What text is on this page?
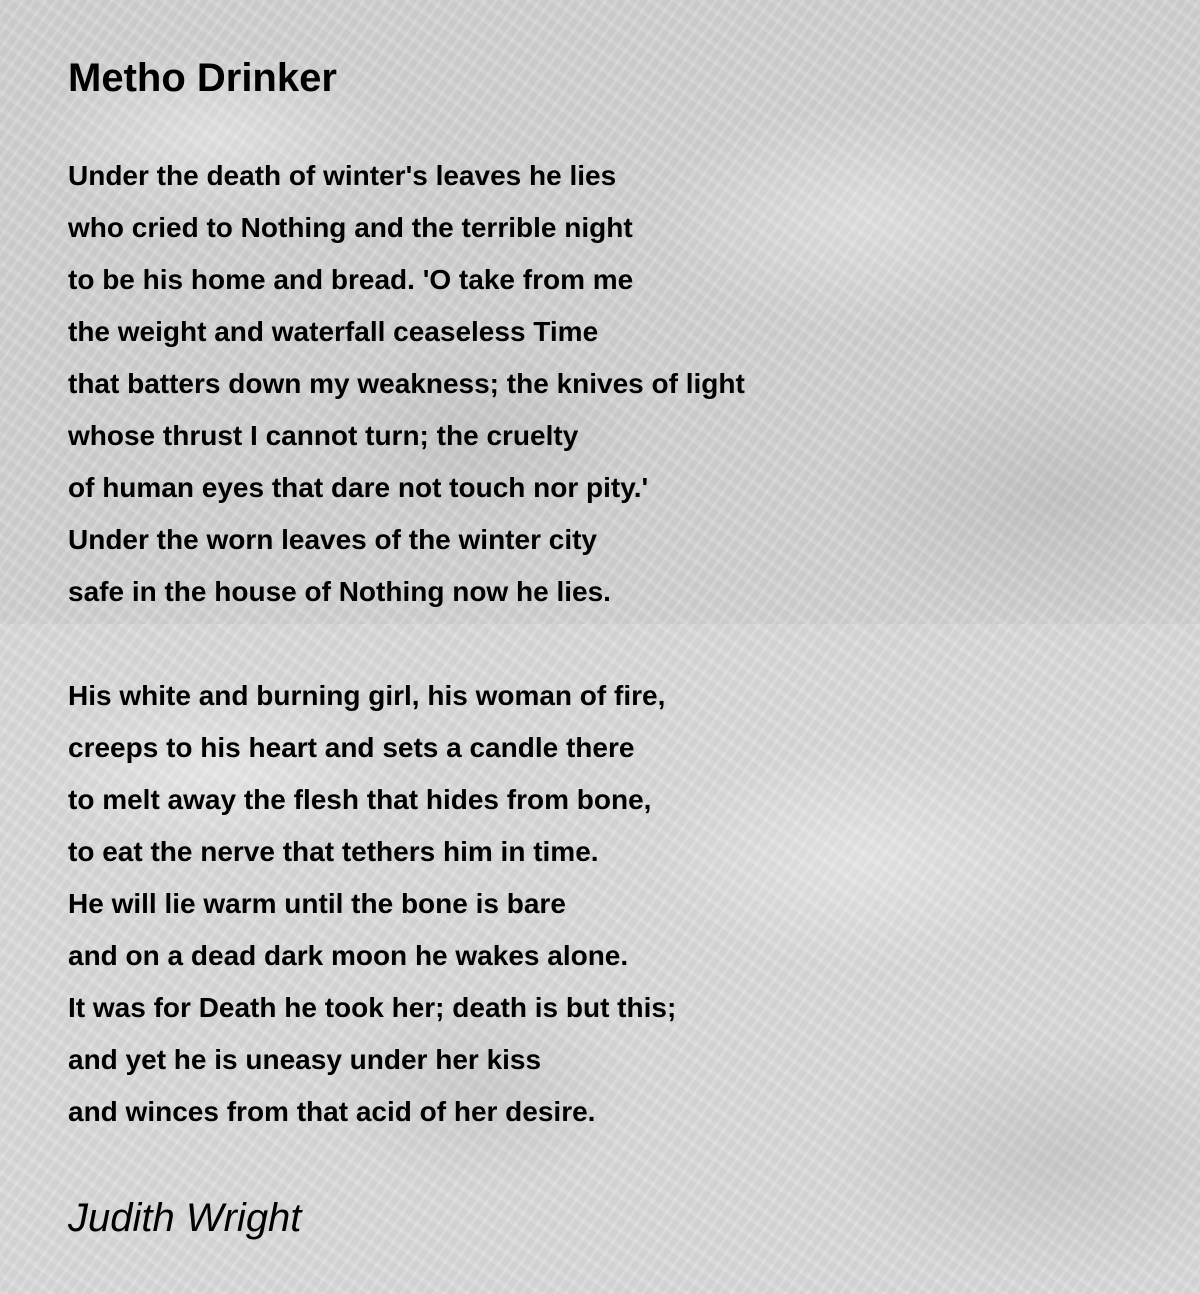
Metho Drinker
Under the death of winter's leaves he lies
who cried to Nothing and the terrible night
to be his home and bread. 'O take from me
the weight and waterfall ceaseless Time
that batters down my weakness; the knives of light
whose thrust I cannot turn; the cruelty
of human eyes that dare not touch nor pity.'
Under the worn leaves of the winter city
safe in the house of Nothing now he lies.
His white and burning girl, his woman of fire,
creeps to his heart and sets a candle there
to melt away the flesh that hides from bone,
to eat the nerve that tethers him in time.
He will lie warm until the bone is bare
and on a dead dark moon he wakes alone.
It was for Death he took her; death is but this;
and yet he is uneasy under her kiss
and winces from that acid of her desire.

Judith Wright
